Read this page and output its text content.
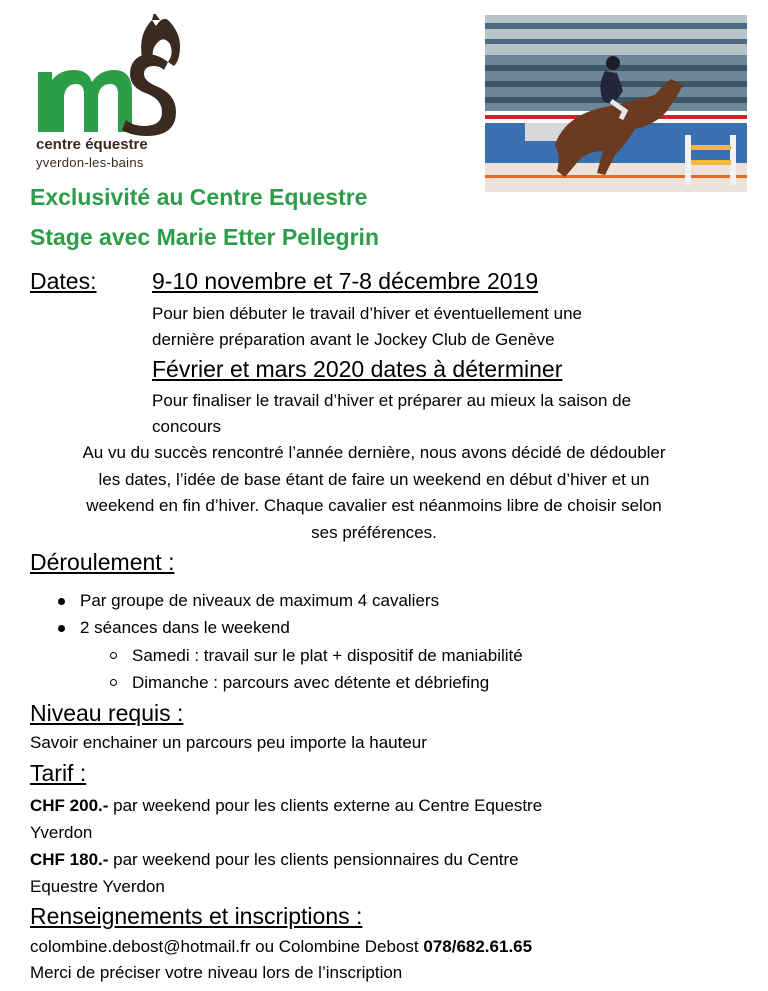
centre équestre
yverdon-les-bains
Exclusivité au Centre Equestre
Stage avec Marie Etter Pellegrin
Dates: 9-10 novembre et 7-8 décembre 2019
Pour bien débuter le travail d’hiver et éventuellement une
dernière préparation avant le Jockey Club de Genève
Février et mars 2020 dates à déterminer
Pour finaliser le travail d’hiver et préparer au mieux la saison de
concours
Au vu du succès rencontré l’année dernière, nous avons décidé de dédoubler
les dates, l’idée de base étant de faire un weekend en début d’hiver et un
weekend en fin d’hiver. Chaque cavalier est néanmoins libre de choisir selon
ses préférences.
Déroulement :
Par groupe de niveaux de maximum 4 cavaliers
2 séances dans le weekend
Samedi : travail sur le plat + dispositif de maniabilité
Dimanche : parcours avec détente et débriefing
Niveau requis :
Savoir enchainer un parcours peu importe la hauteur
Tarif :
CHF 200.- par weekend pour les clients externe au Centre Equestre
Yverdon
CHF 180.- par weekend pour les clients pensionnaires du Centre
Equestre Yverdon
Renseignements et inscriptions :
colombine.debost@hotmail.fr ou Colombine Debost 078/682.61.65
Merci de préciser votre niveau lors de l’inscription
